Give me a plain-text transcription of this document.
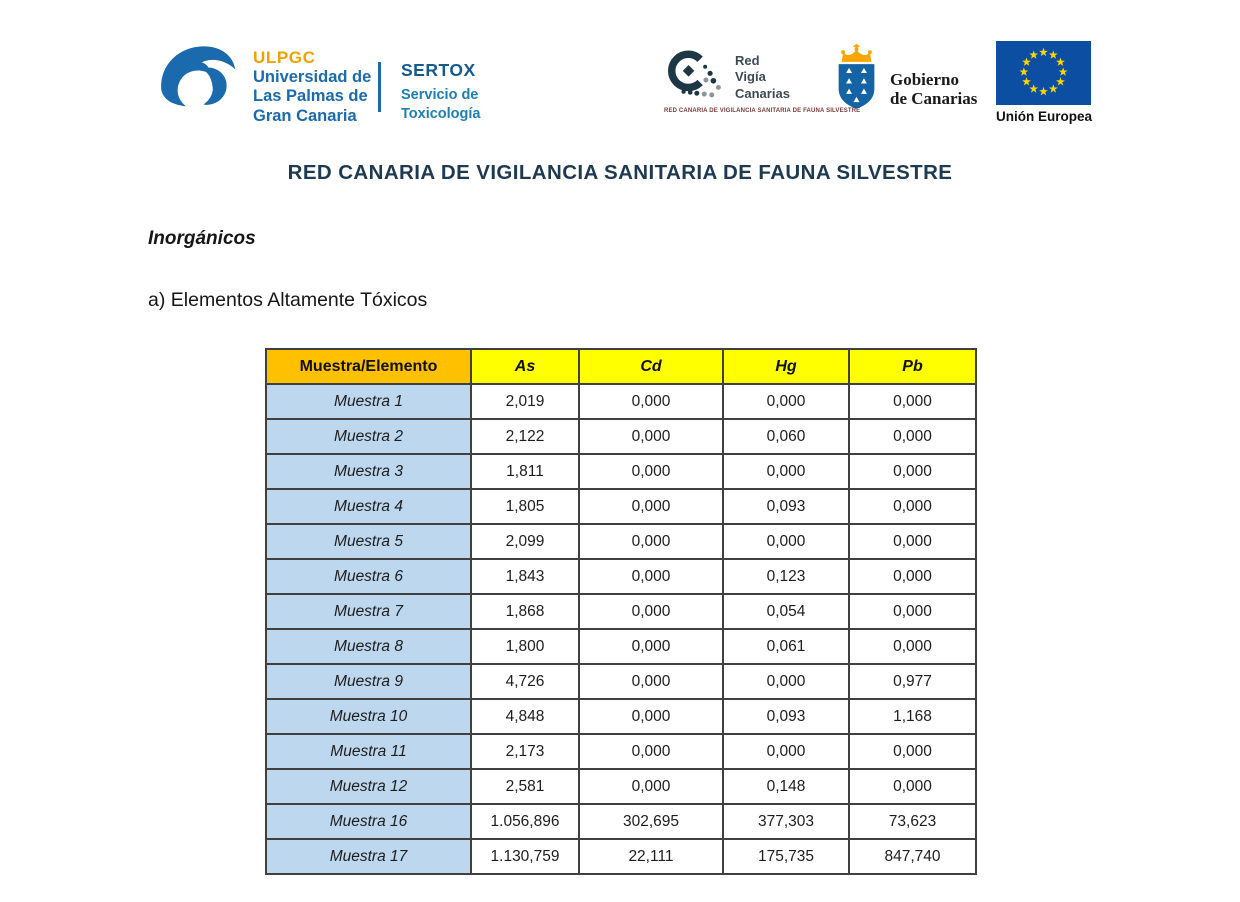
ULPGC
Universidad de
Las Palmas de
Gran Canaria
SERTOX
Servicio de
Toxicología
Red
Vigía
Canarias
RED CANARIA DE VIGILANCIA SANITARIA DE FAUNA SILVESTRE
Gobierno
de Canarias
Unión Europea
RED CANARIA DE VIGILANCIA SANITARIA DE FAUNA SILVESTRE
Inorgánicos
a) Elementos Altamente Tóxicos
Muestra/Elemento	As	Cd	Hg	Pb
Muestra 1	2,019	0,000	0,000	0,000
Muestra 2	2,122	0,000	0,060	0,000
Muestra 3	1,811	0,000	0,000	0,000
Muestra 4	1,805	0,000	0,093	0,000
Muestra 5	2,099	0,000	0,000	0,000
Muestra 6	1,843	0,000	0,123	0,000
Muestra 7	1,868	0,000	0,054	0,000
Muestra 8	1,800	0,000	0,061	0,000
Muestra 9	4,726	0,000	0,000	0,977
Muestra 10	4,848	0,000	0,093	1,168
Muestra 11	2,173	0,000	0,000	0,000
Muestra 12	2,581	0,000	0,148	0,000
Muestra 16	1.056,896	302,695	377,303	73,623
Muestra 17	1.130,759	22,111	175,735	847,740
